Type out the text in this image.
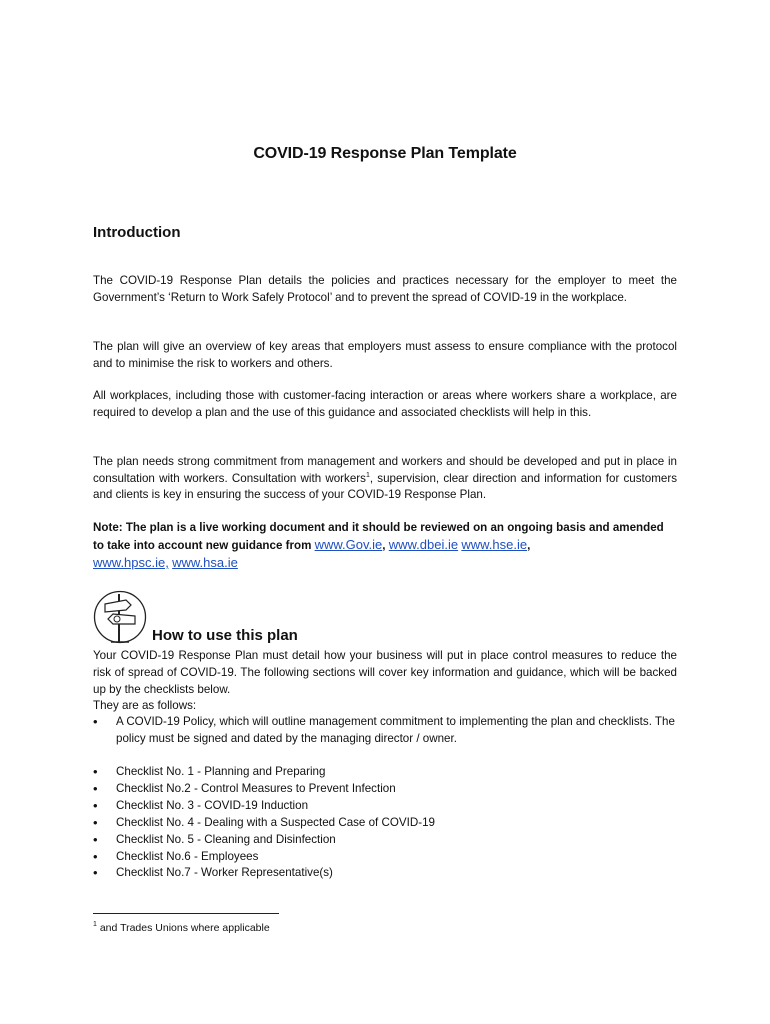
COVID-19 Response Plan Template
Introduction

The COVID-19 Response Plan details the policies and practices necessary for the employer to meet the Government’s ‘Return to Work Safely Protocol’ and to prevent the spread of COVID-19 in the workplace.

The plan will give an overview of key areas that employers must assess to ensure compliance with the protocol and to minimise the risk to workers and others.

All workplaces, including those with customer-facing interaction or areas where workers share a workplace, are required to develop a plan and the use of this guidance and associated checklists will help in this.

The plan needs strong commitment from management and workers and should be developed and put in place in consultation with workers. Consultation with workers$^1$, supervision, clear direction and information for customers and clients is key in ensuring the success of your COVID-19 Response Plan.

Note: The plan is a live working document and it should be reviewed on an ongoing basis and amended to take into account new guidance from www.Gov.ie, www.dbei.ie www.hse.ie,
www.hpsc.ie, www.hsa.ie

How to use this plan

Your COVID-19 Response Plan must detail how your business will put in place control measures to reduce the risk of spread of COVID-19. The following sections will cover key information and guidance, which will be backed up by the checklists below.
They are as follows:

• A COVID-19 Policy, which will outline management commitment to implementing the plan and checklists. The policy must be signed and dated by the managing director / owner.
• Checklist No. 1 - Planning and Preparing
• Checklist No.2 - Control Measures to Prevent Infection
• Checklist No. 3 - COVID-19 Induction
• Checklist No. 4 - Dealing with a Suspected Case of COVID-19
• Checklist No. 5 - Cleaning and Disinfection
• Checklist No.6 - Employees
• Checklist No.7 - Worker Representative(s)
$^1$ and Trades Unions where applicable
